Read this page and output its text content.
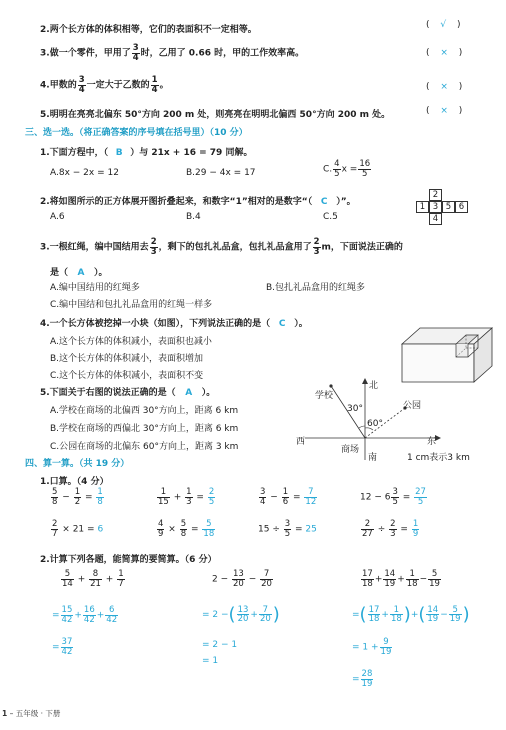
2.两个长方体的体积相等，它们的表面积不一定相等。	( √ )
3.做一个零件，甲用了 $\frac{3}{4}$ 时，乙用了 0.66 时，甲的工作效率高。	( × )
4.甲数的 $\frac{3}{4}$ 一定大于乙数的 $\frac{1}{4}$ 。	( × )
5.明明在亮亮北偏东 50°方向 200 m 处，则亮亮在明明北偏西 50°方向 200 m 处。	( × )
三、选一选。（将正确答案的序号填在括号里）（10 分）
1.下面方程中，（ B ）与 21x + 16 = 79 同解。
A.8x − 2x = 12	B.29 − 4x = 17	C. $\frac{4}{5}$ $x = \frac{16}{5}$
2.将如图所示的正方体展开图折叠起来，和数字“1”相对的是数字“（ C ）”。
A.6	B.4	C.5
2
1 3 5 6
4
3.一根红绳，编中国结用去 $\frac{2}{3}$ ，剩下的包扎礼品盒，包扎礼品盒用了 $\frac{2}{3}$ m，下面说法正确的
是（ A ）。
A.编中国结用的红绳多	B.包扎礼品盒用的红绳多
C.编中国结和包扎礼品盒用的红绳一样多
4.一个长方体被挖掉一小块（如图），下列说法正确的是（ C ）。
A.这个长方体的体积减小，表面积也减小
B.这个长方体的体积减小，表面积增加
C.这个长方体的体积减小，表面积不变
5.下面关于右图的说法正确的是（ A ）。
A.学校在商场的北偏西 30°方向上，距离 6 km
B.学校在商场的西偏北 30°方向上，距离 6 km
C.公园在商场的北偏东 60°方向上，距离 3 km	西	东
北
南
学校
公园
商场
30°
60°
1 cm表示3 km
四、算一算。（共 19 分）
1.口算。（4 分）
$\frac{5}{8} - \frac{1}{2} = \frac{1}{8}$	$\frac{1}{15} + \frac{1}{3} = \frac{2}{5}$	$\frac{3}{4} - \frac{1}{6} = \frac{7}{12}$	$12 - 6 \frac{3}{5} = \frac{27}{5}$
$\frac{2}{7} \times 21 = 6$	$\frac{4}{9} \times \frac{5}{8} = \frac{5}{18}$	$15 \div \frac{3}{5} = 25$	$\frac{2}{27} \div \frac{2}{3} = \frac{1}{9}$
2.计算下列各题，能简算的要简算。（6 分）
$\frac{5}{14} + \frac{8}{21} + \frac{1}{7}$
= $\frac{15}{42} + \frac{16}{42} + \frac{6}{42}$
= $\frac{37}{42}$
$2 - \frac{13}{20} - \frac{7}{20}$
= 2 −( $\frac{13}{20} + \frac{7}{20}$ )
= 2 − 1
= 1
$\frac{17}{18} + \frac{14}{19} + \frac{1}{18} - \frac{5}{19}$
=( $\frac{17}{18} + \frac{1}{18}$ )+( $\frac{14}{19} - \frac{5}{19}$ )
= $1 + \frac{9}{19}$
= $\frac{28}{19}$
1 – 五年级 · 下册
